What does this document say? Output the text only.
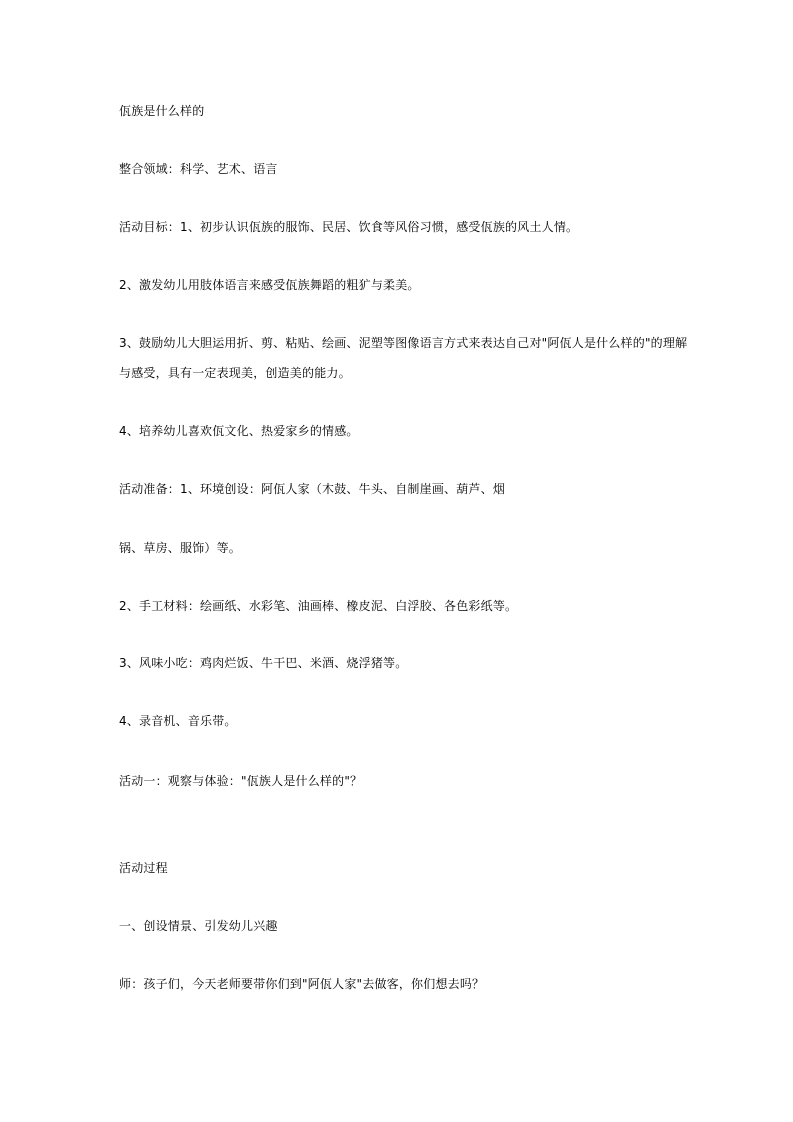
佤族是什么样的
整合领域：科学、艺术、语言
活动目标：1、初步认识佤族的服饰、民居、饮食等风俗习惯，感受佤族的风土人情。
2、激发幼儿用肢体语言来感受佤族舞蹈的粗犷与柔美。
3、鼓励幼儿大胆运用折、剪、粘贴、绘画、泥塑等图像语言方式来表达自己对"阿佤人是什么样的"的理解
与感受，具有一定表现美，创造美的能力。
4、培养幼儿喜欢佤文化、热爱家乡的情感。
活动准备：1、环境创设：阿佤人家（木鼓、牛头、自制崖画、葫芦、烟
锅、草房、服饰）等。
2、手工材料：绘画纸、水彩笔、油画棒、橡皮泥、白浮胶、各色彩纸等。
3、风味小吃：鸡肉烂饭、牛干巴、米酒、烧浮猪等。
4、录音机、音乐带。
活动一：观察与体验："佤族人是什么样的"？
活动过程
一、创设情景、引发幼儿兴趣
师：孩子们，今天老师要带你们到"阿佤人家"去做客，你们想去吗？
